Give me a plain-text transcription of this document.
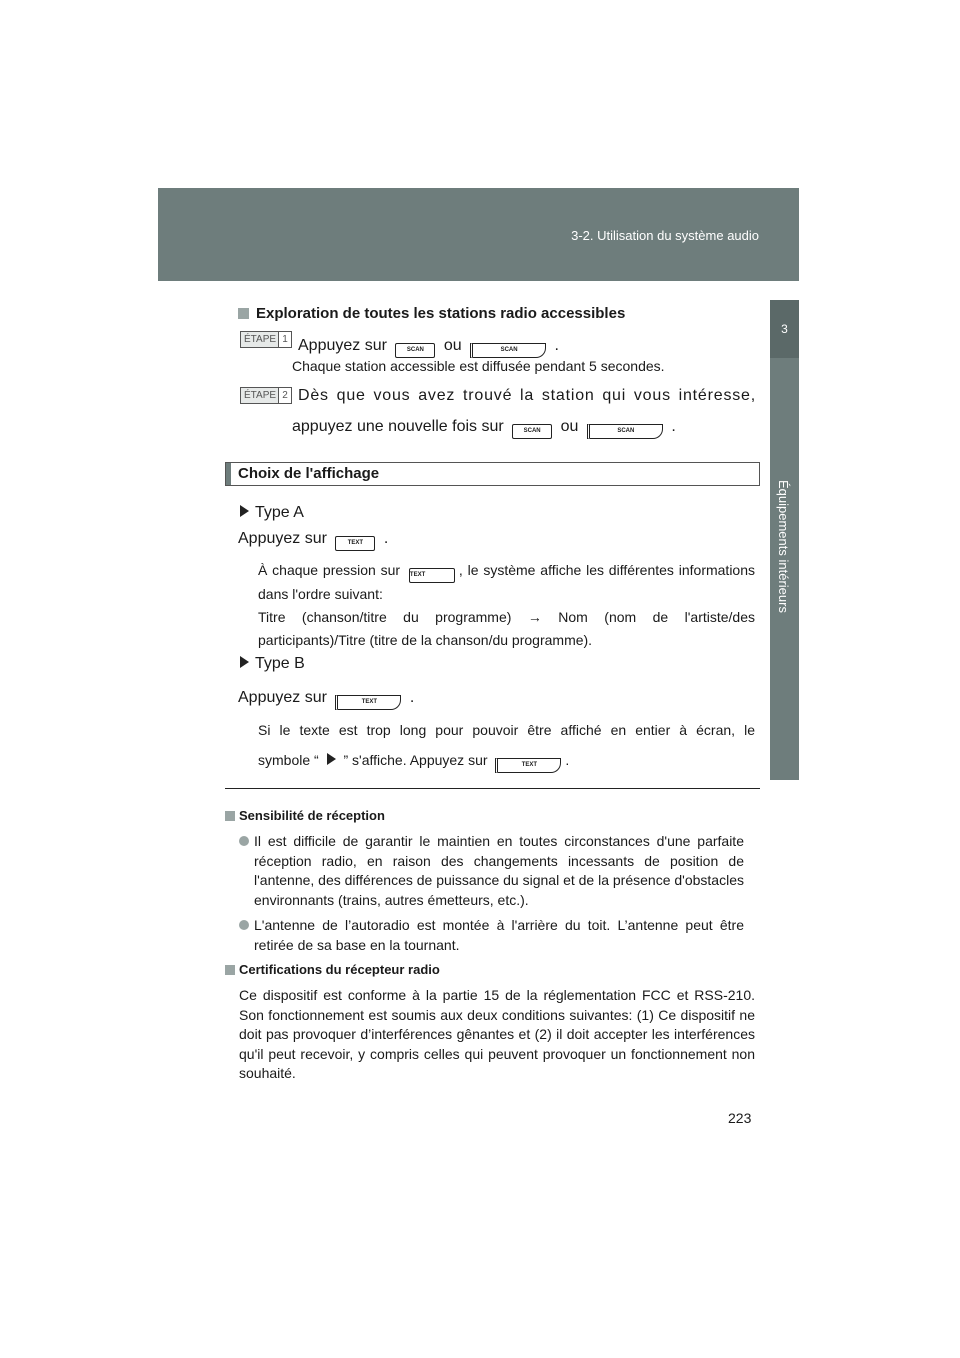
3-2. Utilisation du système audio
3
Équipements intérieurs
Exploration de toutes les stations radio accessibles
ÉTAPE 1 Appuyez sur	SCAN ou	SCAN .
Chaque station accessible est diffusée pendant 5 secondes.
ÉTAPE 2 Dès que vous avez trouvé la station qui vous intéresse,
appuyez une nouvelle fois sur	SCAN ou	SCAN .
Choix de l'affichage
Type A
Appuyez sur	TEXT .
À chaque pression sur TEXT , le système affiche les différentes informations dans l'ordre suivant:
Titre (chanson/titre du programme) → Nom (nom de l'artiste/des participants)/Titre (titre de la chanson/du programme).
Type B
Appuyez sur	TEXT .
Si le texte est trop long pour pouvoir être affiché en entier à écran, le
symbole “ ” s'affiche. Appuyez sur	TEXT .
Sensibilité de réception
Il est difficile de garantir le maintien en toutes circonstances d'une parfaite réception radio, en raison des changements incessants de position de l'antenne, des différences de puissance du signal et de la présence d'obstacles environnants (trains, autres émetteurs, etc.).
L'antenne de l’autoradio est montée à l'arrière du toit. L’antenne peut être retirée de sa base en la tournant.
Certifications du récepteur radio
Ce dispositif est conforme à la partie 15 de la réglementation FCC et RSS-210. Son fonctionnement est soumis aux deux conditions suivantes: (1) Ce dispositif ne doit pas provoquer d’interférences gênantes et (2) il doit accepter les interférences qu'il peut recevoir, y compris celles qui peuvent provoquer un fonctionnement non souhaité.
223
